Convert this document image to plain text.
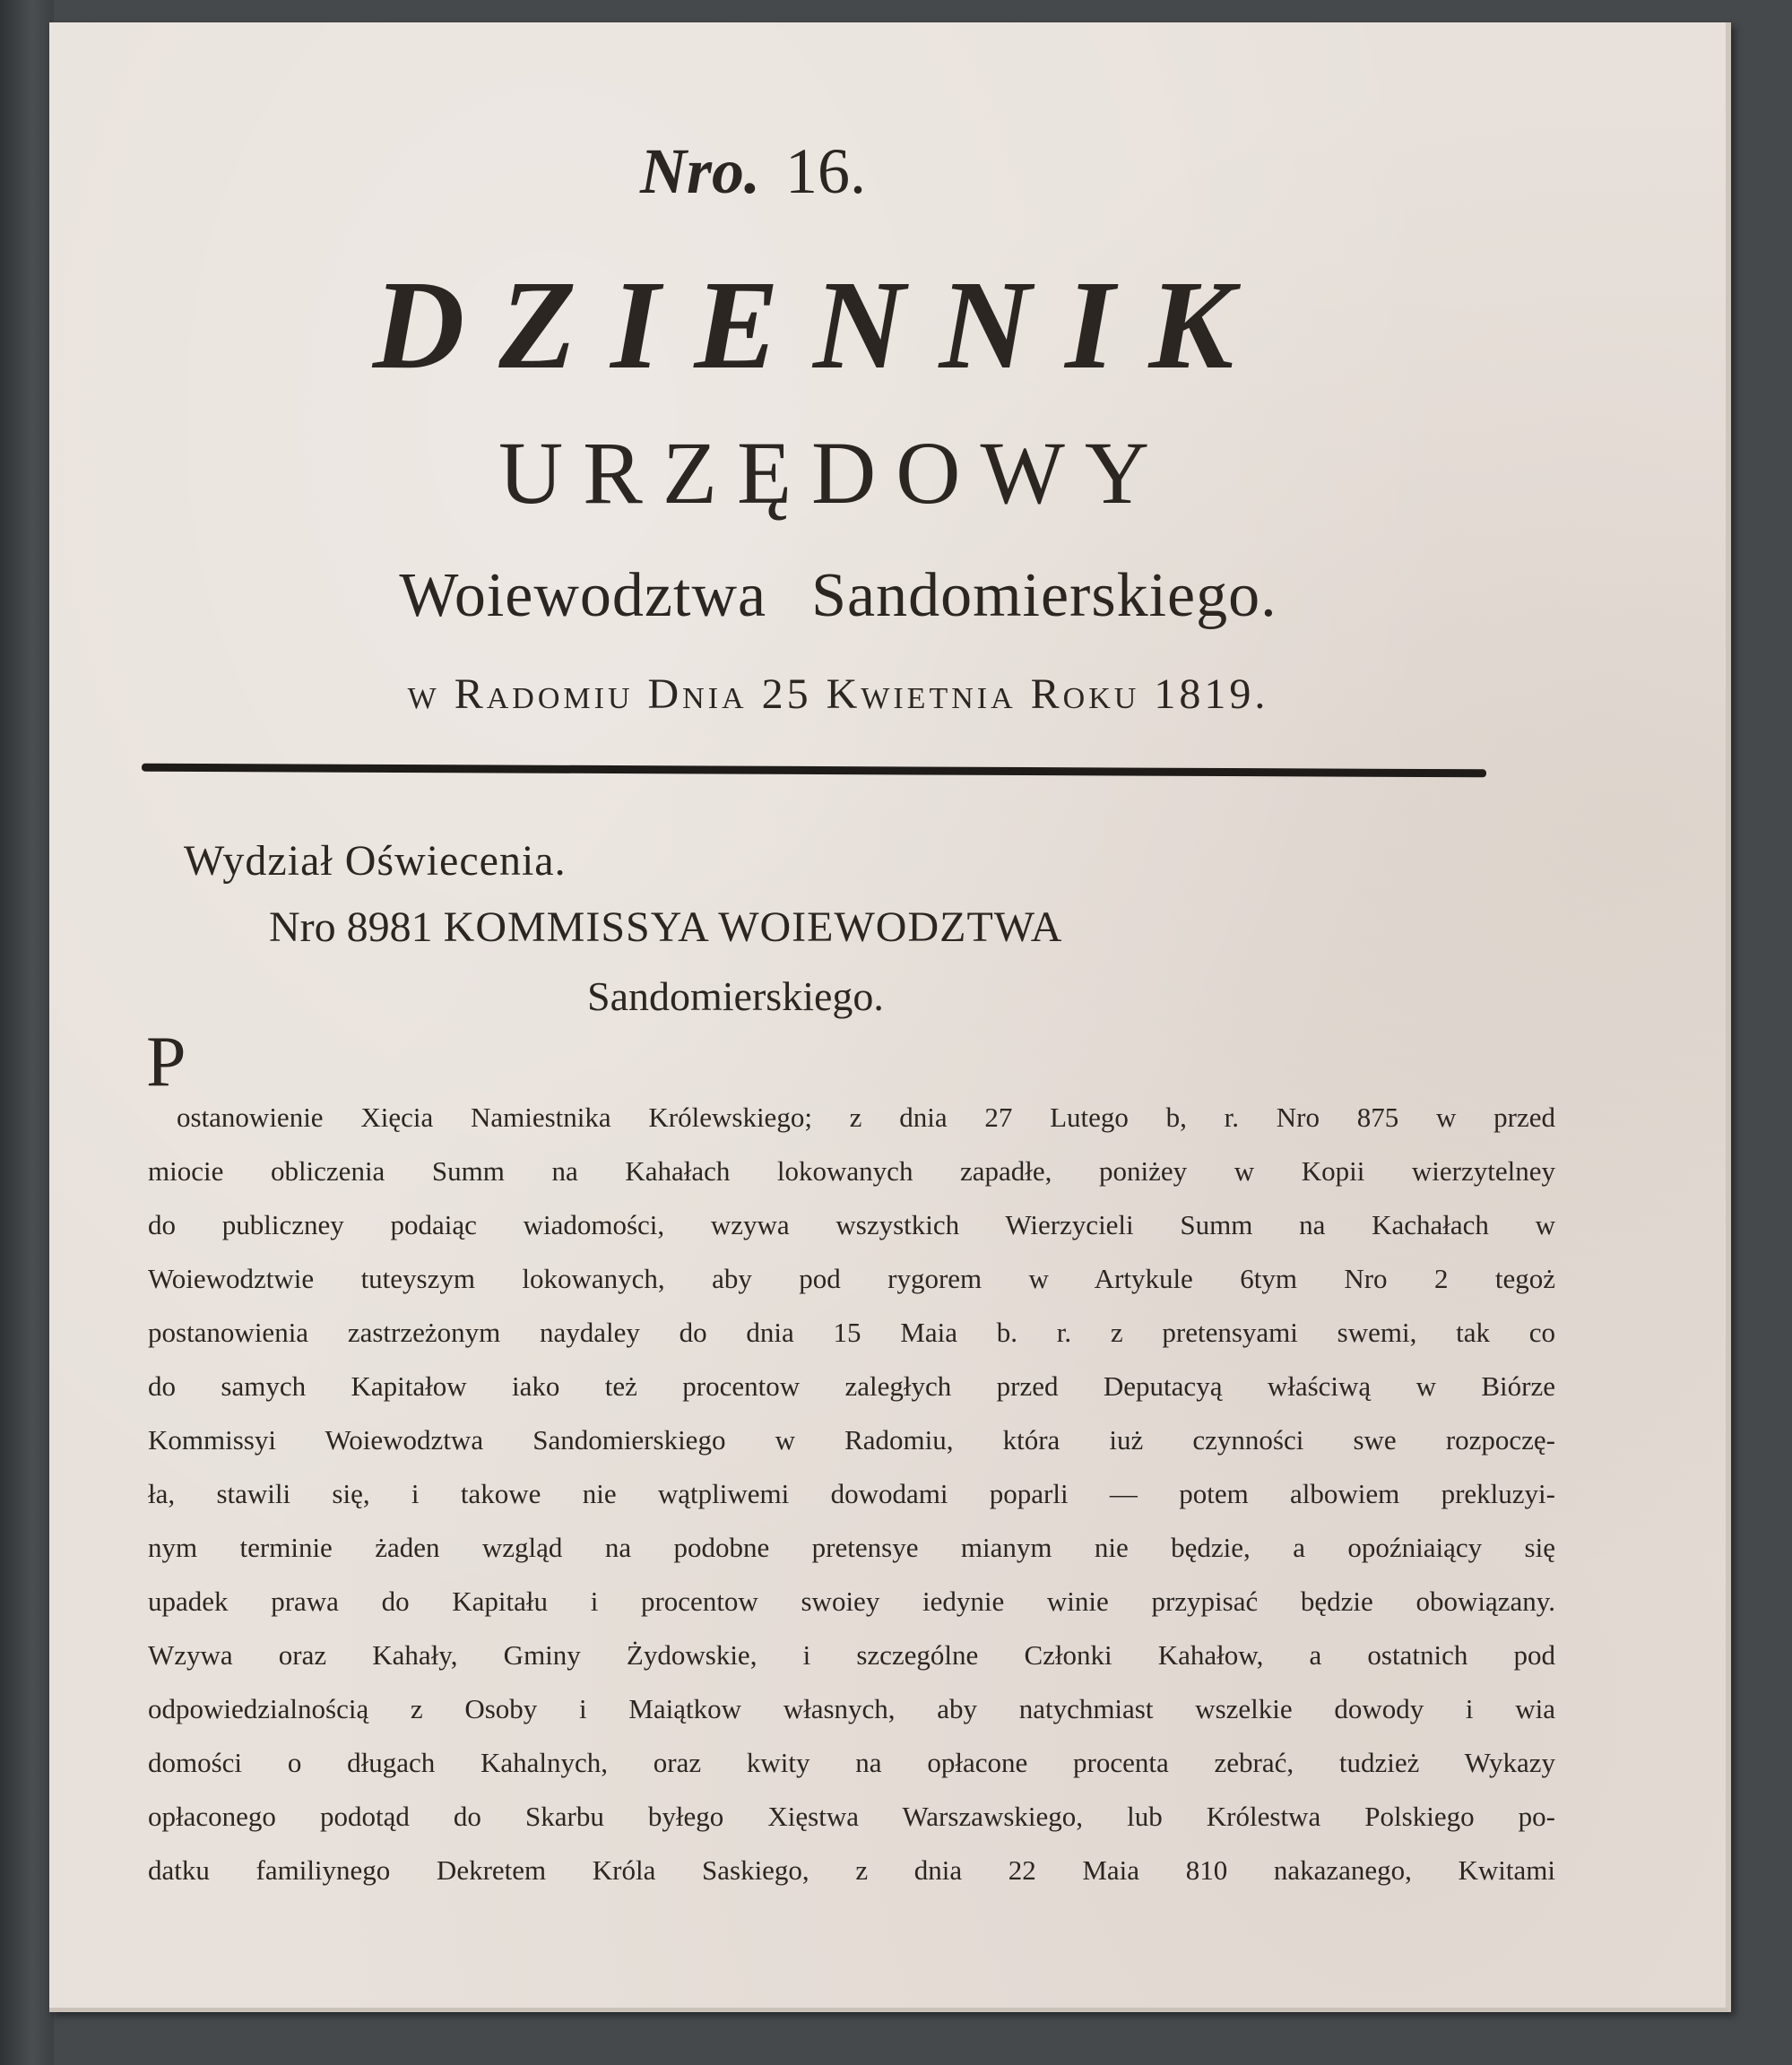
Nro. 16.
DZIENNIK
URZĘDOWY
Woiewodztwa Sandomierskiego.
w Radomiu Dnia 25 Kwietnia Roku 1819.
Wydział Oświecenia.
Nro 8981 KOMMISSYA WOIEWODZTWA
Sandomierskiego.
P
ostanowienie Xięcia Namiestnika Królewskiego; z dnia 27 Lutego b, r. Nro 875 w przed
miocie obliczenia Summ na Kahałach lokowanych zapadłe, poniżey w Kopii wierzytelney
do publiczney podaiąc wiadomości, wzywa wszystkich Wierzycieli Summ na Kachałach w
Woiewodztwie tuteyszym lokowanych, aby pod rygorem w Artykule 6tym Nro 2 tegoż
postanowienia zastrzeżonym naydaley do dnia 15 Maia b. r. z pretensyami swemi, tak co
do samych Kapitałow iako też procentow zaległych przed Deputacyą właściwą w Biórze
Kommissyi Woiewodztwa Sandomierskiego w Radomiu, która iuż czynności swe rozpoczę-
ła, stawili się, i takowe nie wątpliwemi dowodami poparli — potem albowiem prekluzyi-
nym terminie żaden wzgląd na podobne pretensye mianym nie będzie, a opoźniaiący się
upadek prawa do Kapitału i procentow swoiey iedynie winie przypisać będzie obowiązany.
Wzywa oraz Kahały, Gminy Żydowskie, i szczególne Członki Kahałow, a ostatnich pod
odpowiedzialnością z Osoby i Maiątkow własnych, aby natychmiast wszelkie dowody i wia
domości o długach Kahalnych, oraz kwity na opłacone procenta zebrać, tudzież Wykazy
opłaconego podotąd do Skarbu byłego Xięstwa Warszawskiego, lub Królestwa Polskiego po-
datku familiynego Dekretem Króla Saskiego, z dnia 22 Maia 810 nakazanego, Kwitami
